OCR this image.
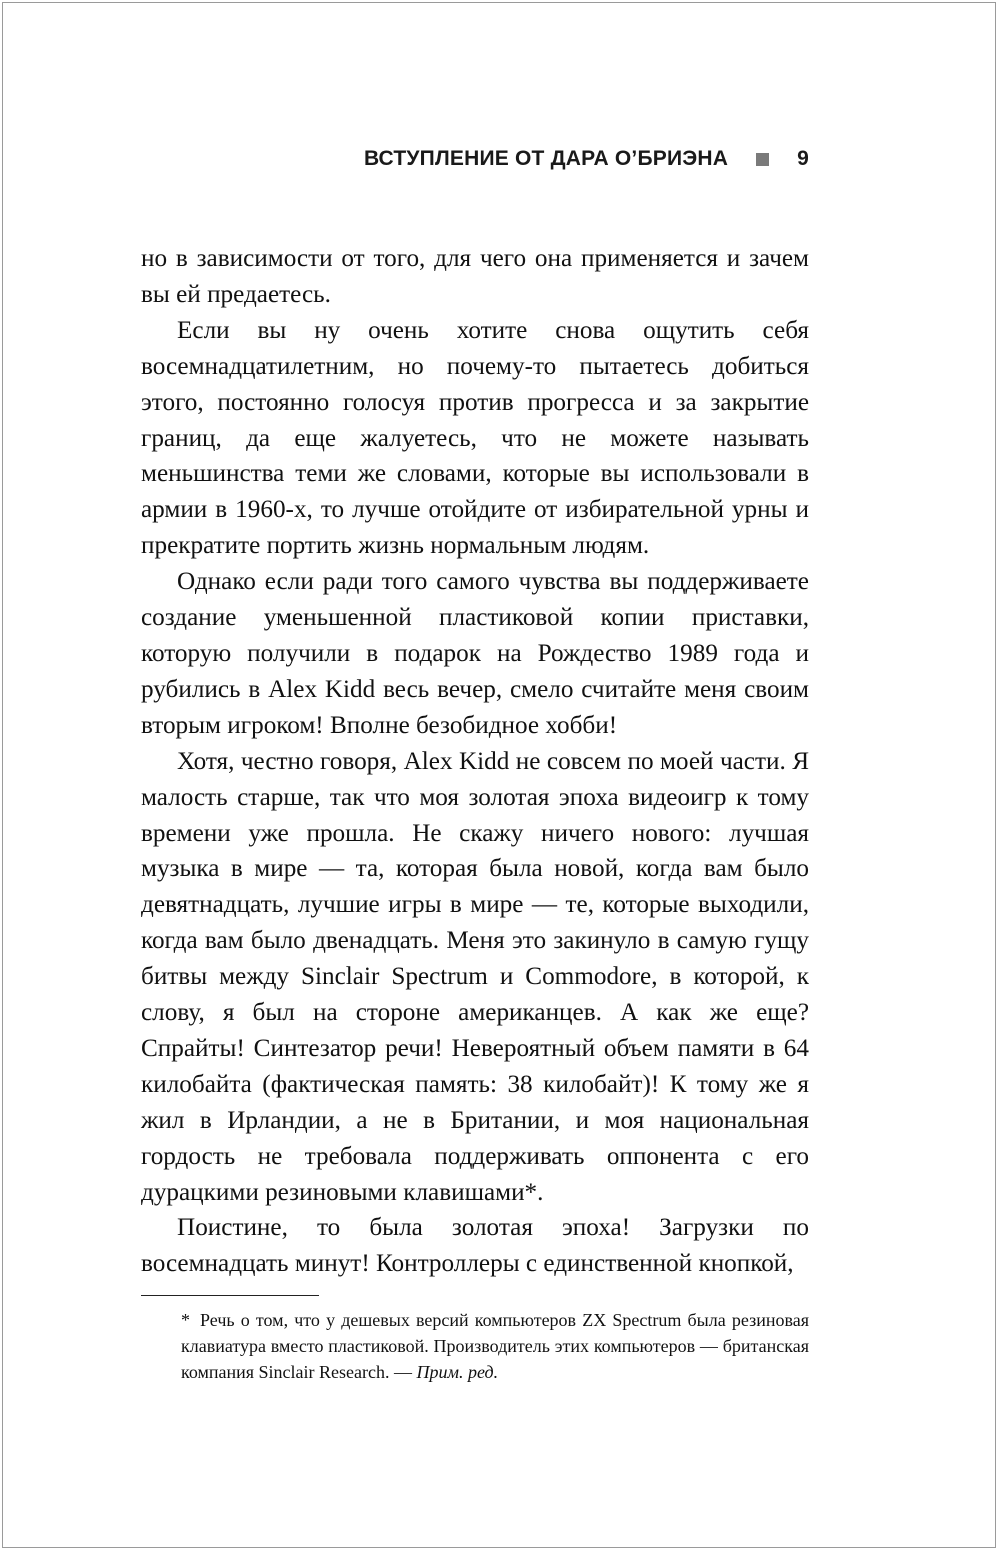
ВСТУПЛЕНИЕ ОТ ДАРА О’БРИЭНА	9

но в зависимости от того, для чего она применяется и зачем вы ей предаетесь.

Если вы ну очень хотите снова ощутить себя восемнадцатилетним, но почему-то пытаетесь добиться этого, постоянно голосуя против прогресса и за закрытие границ, да еще жалуетесь, что не можете называть меньшинства теми же словами, которые вы использовали в армии в 1960-х, то лучше отойдите от избирательной урны и прекратите портить жизнь нормальным людям.

Однако если ради того самого чувства вы поддерживаете создание уменьшенной пластиковой копии приставки, которую получили в подарок на Рождество 1989 года и рубились в Alex Kidd весь вечер, смело считайте меня своим вторым игроком! Вполне безобидное хобби!

Хотя, честно говоря, Alex Kidd не совсем по моей части. Я малость старше, так что моя золотая эпоха видеоигр к тому времени уже прошла. Не скажу ничего нового: лучшая музыка в мире — та, которая была новой, когда вам было девятнадцать, лучшие игры в мире — те, которые выходили, когда вам было двенадцать. Меня это закинуло в самую гущу битвы между Sinclair Spectrum и Commodore, в которой, к слову, я был на стороне американцев. А как же еще? Спрайты! Синтезатор речи! Невероятный объем памяти в 64 килобайта (фактическая память: 38 килобайт)! К тому же я жил в Ирландии, а не в Британии, и моя национальная гордость не требовала поддерживать оппонента с его дурацкими резиновыми клавишами*.

Поистине, то была золотая эпоха! Загрузки по восемнадцать минут! Контроллеры с единственной кнопкой,

* Речь о том, что у дешевых версий компьютеров ZX Spectrum была резиновая клавиатура вместо пластиковой. Производитель этих компьютеров — британская компания Sinclair Research. — Прим. ред.
